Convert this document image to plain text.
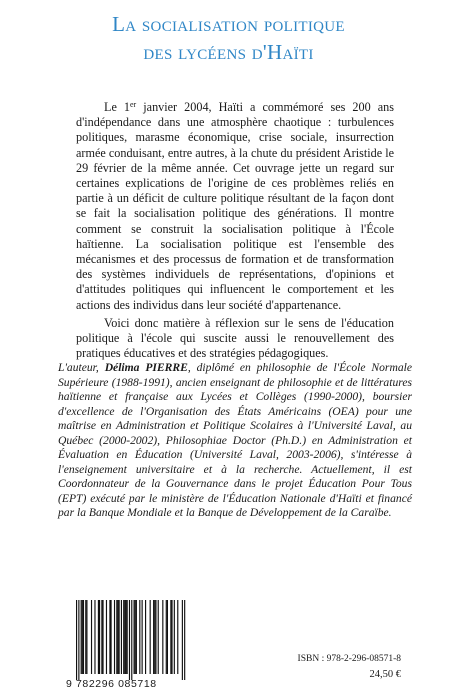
La socialisation politique
des lycéens d'Haïti

Le 1er janvier 2004, Haïti a commémoré ses 200 ans d'indépendance dans une atmosphère chaotique : turbulences politiques, marasme économique, crise sociale, insurrection armée conduisant, entre autres, à la chute du président Aristide le 29 février de la même année. Cet ouvrage jette un regard sur certaines explications de l'origine de ces problèmes reliés en partie à un déficit de culture politique résultant de la façon dont se fait la socialisation politique des générations. Il montre comment se construit la socialisation politique à l'École haïtienne. La socialisation politique est l'ensemble des mécanismes et des processus de formation et de transformation des systèmes individuels de représentations, d'opinions et d'attitudes politiques qui influencent le comportement et les actions des individus dans leur société d'appartenance.

Voici donc matière à réflexion sur le sens de l'éducation politique à l'école qui suscite aussi le renouvellement des pratiques éducatives et des stratégies pédagogiques.

L'auteur, Délima PIERRE, diplômé en philosophie de l'École Normale Supérieure (1988-1991), ancien enseignant de philosophie et de littératures haïtienne et française aux Lycées et Collèges (1990-2000), boursier d'excellence de l'Organisation des États Américains (OEA) pour une maîtrise en Administration et Politique Scolaires à l'Université Laval, au Québec (2000-2002), Philosophiae Doctor (Ph.D.) en Administration et Évaluation en Éducation (Université Laval, 2003-2006), s'intéresse à l'enseignement universitaire et à la recherche. Actuellement, il est Coordonnateur de la Gouvernance dans le projet Éducation Pour Tous (EPT) exécuté par le ministère de l'Éducation Nationale d'Haïti et financé par la Banque Mondiale et la Banque de Développement de la Caraïbe.

9 782296 085718
ISBN : 978-2-296-08571-8
24,50 €
